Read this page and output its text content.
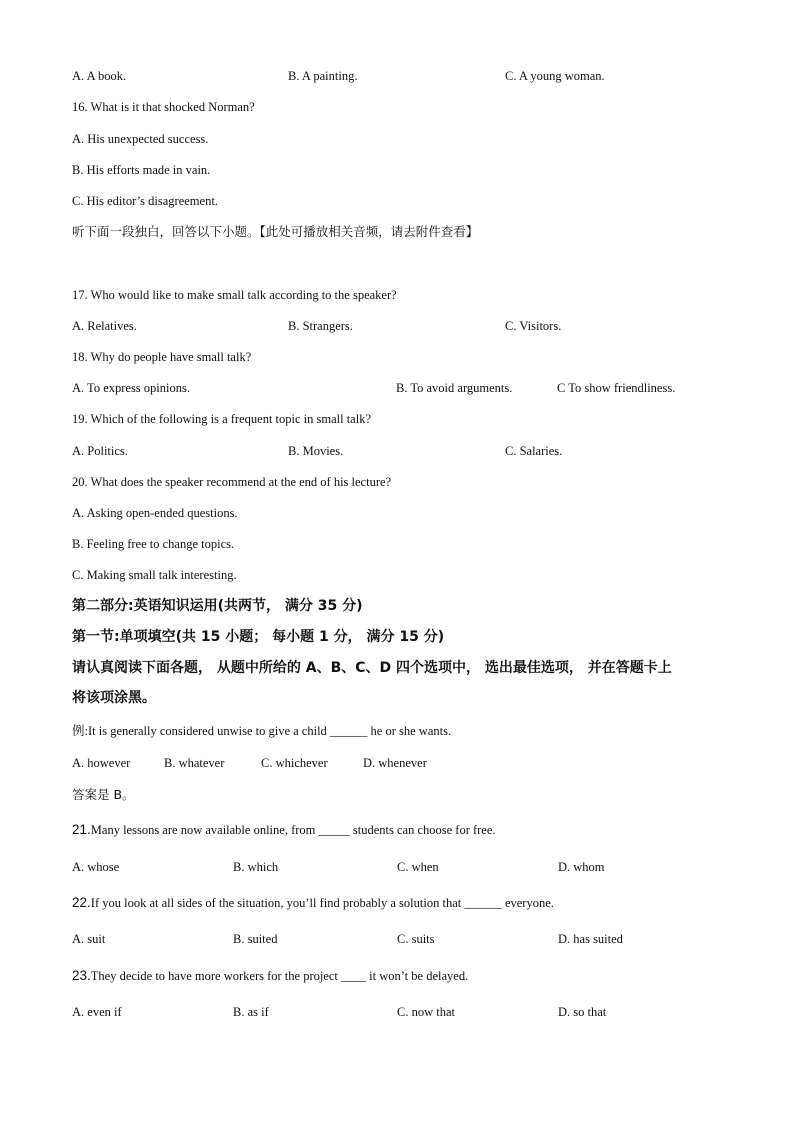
A. A book.	B. A painting.	C. A young woman.
16. What is it that shocked Norman?
A. His unexpected success.
B. His efforts made in vain.
C. His editor’s disagreement.
听下面一段独白，回答以下小题。【此处可播放相关音频，请去附件查看】
17. Who would like to make small talk according to the speaker?
A. Relatives.	B. Strangers.	C. Visitors.
18. Why do people have small talk?
A. To express opinions.	B. To avoid arguments.	C To show friendliness.
19. Which of the following is a frequent topic in small talk?
A. Politics.	B. Movies.	C. Salaries.
20. What does the speaker recommend at the end of his lecture?
A. Asking open-ended questions.
B. Feeling free to change topics.
C. Making small talk interesting.
第二部分:英语知识运用(共两节， 满分 35 分)
第一节:单项填空(共 15 小题； 每小题 1 分， 满分 15 分)
请认真阅读下面各题， 从题中所给的 A、B、C、D 四个选项中， 选出最佳选项， 并在答题卡上
将该项涂黑。
例:It is generally considered unwise to give a child ______ he or she wants.
A. however	B. whatever	C. whichever	D. whenever
答案是 B。
21.Many lessons are now available online, from _____ students can choose for free.
A. whose	B. which	C. when	D. whom
22.If you look at all sides of the situation, you’ll find probably a solution that ______ everyone.
A. suit	B. suited	C. suits	D. has suited
23.They decide to have more workers for the project ____ it won’t be delayed.
A. even if	B. as if	C. now that	D. so that
